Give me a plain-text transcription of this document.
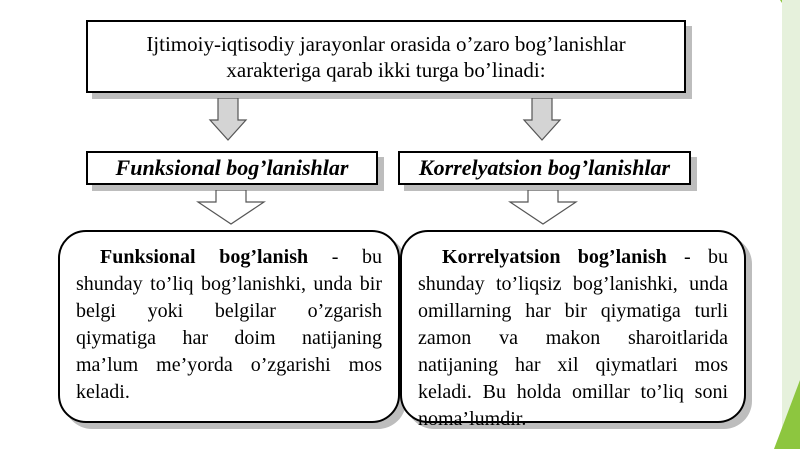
Ijtimoiy-iqtisodiy jarayonlar orasida o’zaro bog’lanishlar
xarakteriga qarab ikki turga bo’linadi:
Funksional bog’lanishlar	Korrelyatsion bog’lanishlar
Funksional bog’lanish - bu shunday to’liq bog’lanishki, unda bir belgi yoki belgilar o’zgarish qiymatiga har doim natijaning ma’lum me’yorda o’zgarishi mos keladi.
Korrelyatsion bog’lanish - bu shunday to’liqsiz bog’lanishki, unda omillarning har bir qiymatiga turli zamon va makon sharoitlarida natijaning har xil qiymatlari mos keladi. Bu holda omillar to’liq soni noma’lumdir.
